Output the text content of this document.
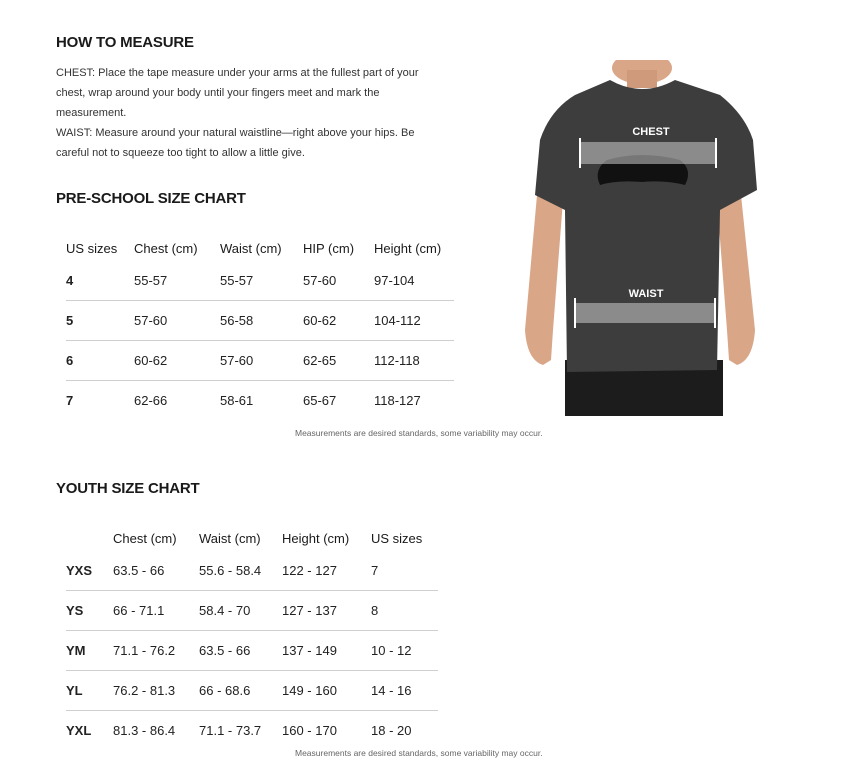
HOW TO MEASURE
CHEST: Place the tape measure under your arms at the fullest part of your
chest, wrap around your body until your fingers meet and mark the
measurement.
WAIST: Measure around your natural waistline—right above your hips. Be
careful not to squeeze too tight to allow a little give.
PRE-SCHOOL SIZE CHART
US sizes	Chest (cm)	Waist (cm)	HIP (cm)	Height (cm)
4	55-57	55-57	57-60	97-104
5	57-60	56-58	60-62	104-112
6	60-62	57-60	62-65	112-118
7	62-66	58-61	65-67	118-127
Measurements are desired standards, some variability may occur.
CHEST
WAIST
YOUTH SIZE CHART
	Chest (cm)	Waist (cm)	Height (cm)	US sizes
YXS	63.5 - 66	55.6 - 58.4	122 - 127	7
YS	66 - 71.1	58.4 - 70	127 - 137	8
YM	71.1 - 76.2	63.5 - 66	137 - 149	10 - 12
YL	76.2 - 81.3	66 - 68.6	149 - 160	14 - 16
YXL	81.3 - 86.4	71.1 - 73.7	160 - 170	18 - 20
Measurements are desired standards, some variability may occur.
